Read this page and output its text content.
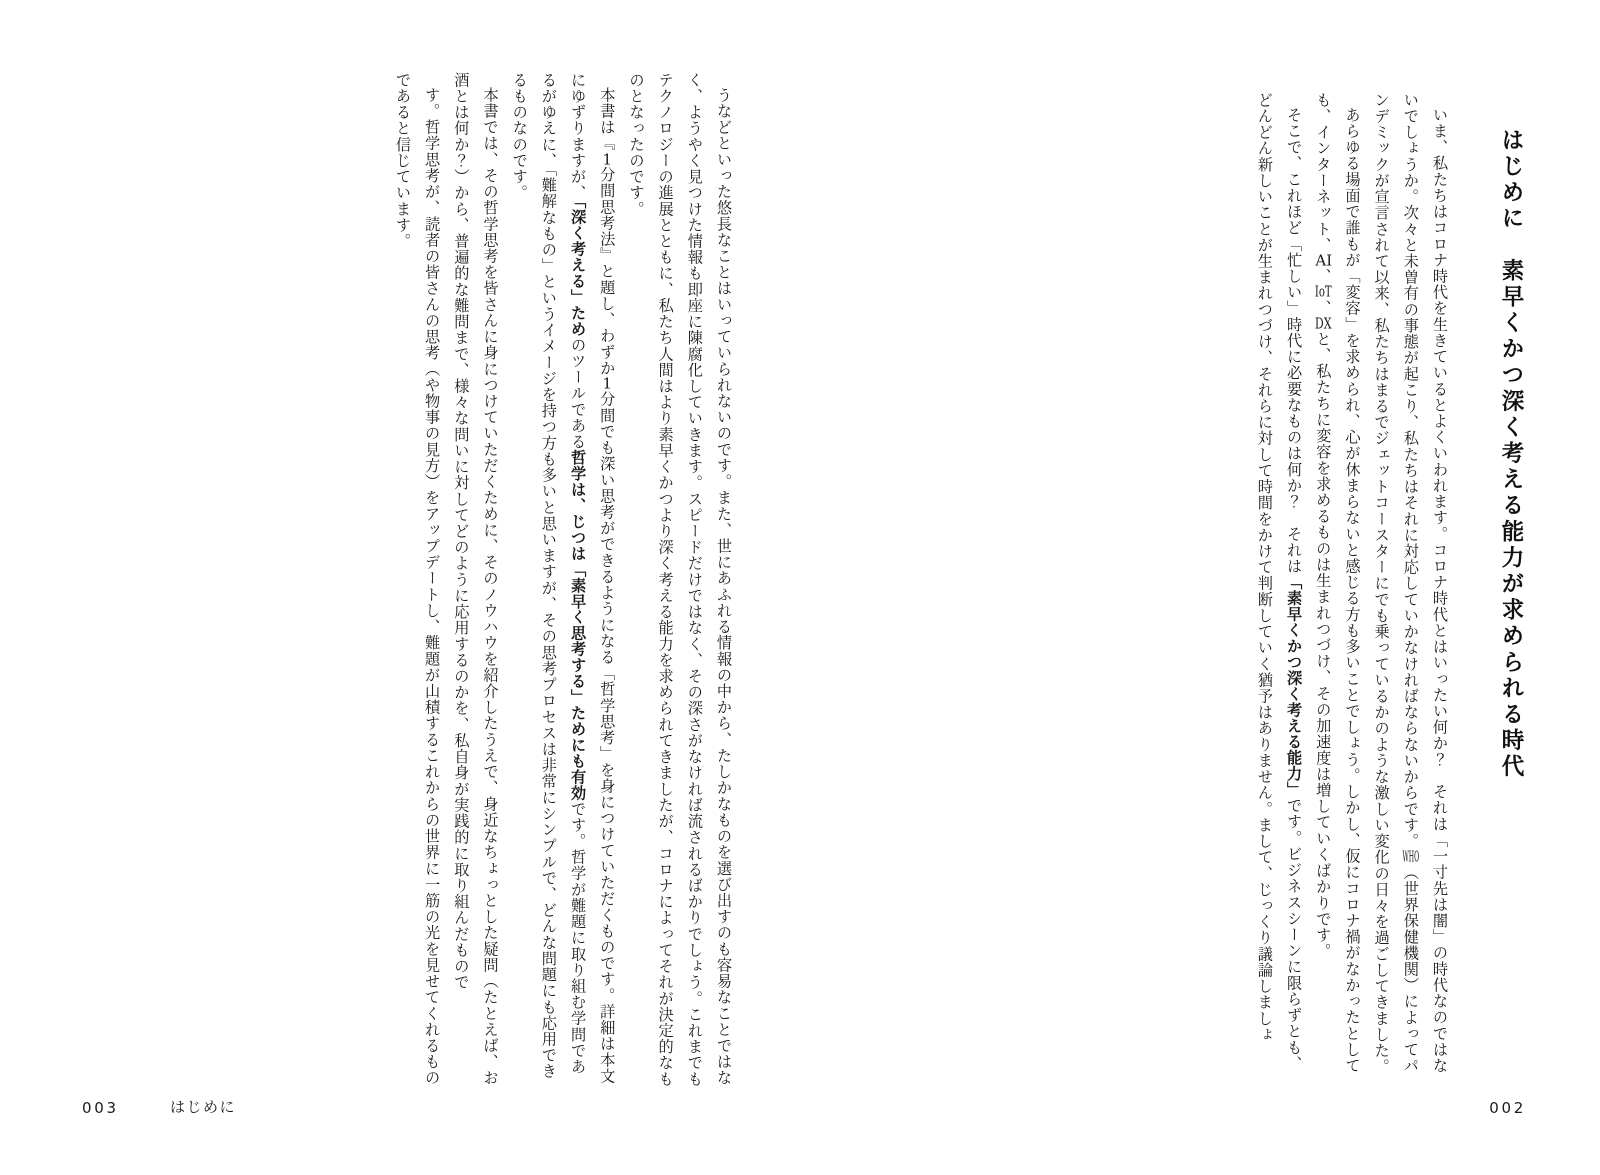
はじめに　素早くかつ深く考える能力が求められる時代

いま、私たちはコロナ時代を生きているとよくいわれます。コロナ時代とはいったい何か？　それは「一寸先は闇」の時代なのではないでしょうか。次々と未曽有の事態が起こり、私たちはそれに対応していかなければならないからです。WHO（世界保健機関）によってパンデミックが宣言されて以来、私たちはまるでジェットコースターにでも乗っているかのような激しい変化の日々を過ごしてきました。

あらゆる場面で誰もが「変容」を求められ、心が休まらないと感じる方も多いことでしょう。しかし、仮にコロナ禍がなかったとしても、インターネット、AI、IoT、DXと、私たちに変容を求めるものは生まれつづけ、その加速度は増していくばかりです。

そこで、これほど「忙しい」時代に必要なものは何か？　それは「素早くかつ深く考える能力」です。ビジネスシーンに限らずとも、どんどん新しいことが生まれつづけ、それらに対して時間をかけて判断していく猶予はありません。まして、じっくり議論しましょ

002

うなどといった悠長なことはいっていられないのです。また、世にあふれる情報の中から、たしかなものを選び出すのも容易なことではなく、ようやく見つけた情報も即座に陳腐化していきます。スピードだけではなく、その深さがなければ流されるばかりでしょう。これまでもテクノロジーの進展とともに、私たち人間はより素早くかつより深く考える能力を求められてきましたが、コロナによってそれが決定的なものとなったのです。

本書は『1分間思考法』と題し、わずか1分間でも深い思考ができるようになる「哲学思考」を身につけていただくものです。詳細は本文にゆずりますが、「深く考える」ためのツールである哲学は、じつは「素早く思考する」ためにも有効です。哲学が難題に取り組む学問であるがゆえに、「難解なもの」というイメージを持つ方も多いと思いますが、その思考プロセスは非常にシンプルで、どんな問題にも応用できるものなのです。

本書では、その哲学思考を皆さんに身につけていただくために、そのノウハウを紹介したうえで、身近なちょっとした疑問（たとえば、お酒とは何か？）から、普遍的な難問まで、様々な問いに対してどのように応用するのかを、私自身が実践的に取り組んだもので

す。哲学思考が、読者の皆さんの思考（や物事の見方）をアップデートし、難題が山積するこれからの世界に一筋の光を見せてくれるものであると信じています。

003	はじめに
